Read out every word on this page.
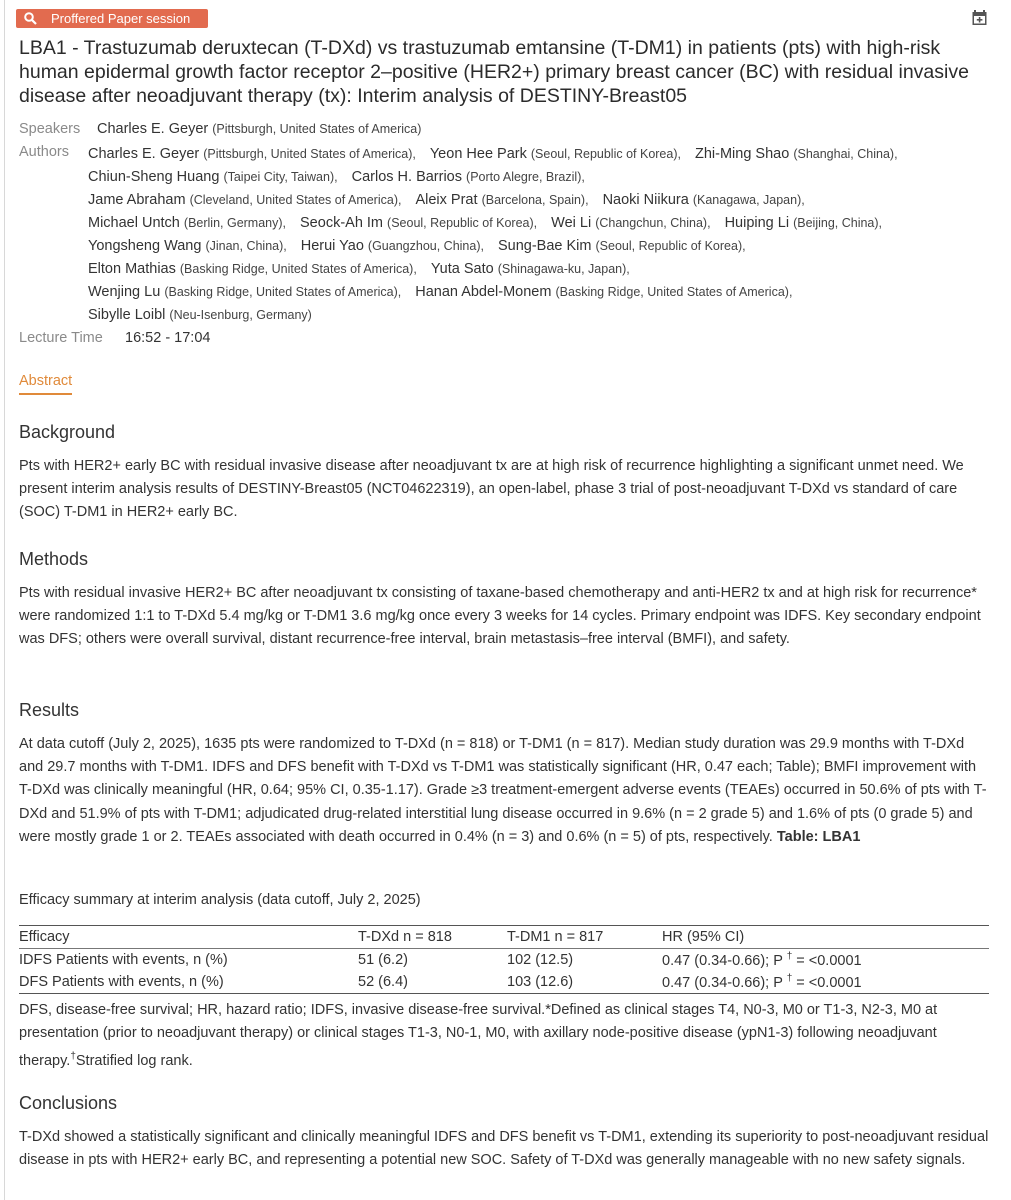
Proffered Paper session
LBA1 - Trastuzumab deruxtecan (T-DXd) vs trastuzumab emtansine (T-DM1) in patients (pts) with high-risk human epidermal growth factor receptor 2–positive (HER2+) primary breast cancer (BC) with residual invasive disease after neoadjuvant therapy (tx): Interim analysis of DESTINY-Breast05
Speakers Charles E. Geyer (Pittsburgh, United States of America)
Authors Charles E. Geyer (Pittsburgh, United States of America), Yeon Hee Park (Seoul, Republic of Korea), Zhi-Ming Shao (Shanghai, China),
Chiun-Sheng Huang (Taipei City, Taiwan), Carlos H. Barrios (Porto Alegre, Brazil),
Jame Abraham (Cleveland, United States of America), Aleix Prat (Barcelona, Spain), Naoki Niikura (Kanagawa, Japan),
Michael Untch (Berlin, Germany), Seock-Ah Im (Seoul, Republic of Korea), Wei Li (Changchun, China), Huiping Li (Beijing, China),
Yongsheng Wang (Jinan, China), Herui Yao (Guangzhou, China), Sung-Bae Kim (Seoul, Republic of Korea),
Elton Mathias (Basking Ridge, United States of America), Yuta Sato (Shinagawa-ku, Japan),
Wenjing Lu (Basking Ridge, United States of America), Hanan Abdel-Monem (Basking Ridge, United States of America),
Sibylle Loibl (Neu-Isenburg, Germany)
Lecture Time 16:52 - 17:04
Abstract
Background

Pts with HER2+ early BC with residual invasive disease after neoadjuvant tx are at high risk of recurrence highlighting a significant unmet need. We present interim analysis results of DESTINY-Breast05 (NCT04622319), an open-label, phase 3 trial of post-neoadjuvant T-DXd vs standard of care (SOC) T-DM1 in HER2+ early BC.

Methods

Pts with residual invasive HER2+ BC after neoadjuvant tx consisting of taxane-based chemotherapy and anti-HER2 tx and at high risk for recurrence* were randomized 1:1 to T-DXd 5.4 mg/kg or T-DM1 3.6 mg/kg once every 3 weeks for 14 cycles. Primary endpoint was IDFS. Key secondary endpoint was DFS; others were overall survival, distant recurrence-free interval, brain metastasis–free interval (BMFI), and safety.

Results

At data cutoff (July 2, 2025), 1635 pts were randomized to T-DXd (n = 818) or T-DM1 (n = 817). Median study duration was 29.9 months with T-DXd and 29.7 months with T-DM1. IDFS and DFS benefit with T-DXd vs T-DM1 was statistically significant (HR, 0.47 each; Table); BMFI improvement with T-DXd was clinically meaningful (HR, 0.64; 95% CI, 0.35-1.17). Grade ≥3 treatment-emergent adverse events (TEAEs) occurred in 50.6% of pts with T-DXd and 51.9% of pts with T-DM1; adjudicated drug-related interstitial lung disease occurred in 9.6% (n = 2 grade 5) and 1.6% of pts (0 grade 5) and were mostly grade 1 or 2. TEAEs associated with death occurred in 0.4% (n = 3) and 0.6% (n = 5) of pts, respectively. Table: LBA1

Efficacy summary at interim analysis (data cutoff, July 2, 2025)
Efficacy	T-DXd n = 818	T-DM1 n = 817	HR (95% CI)
IDFS Patients with events, n (%)	51 (6.2)	102 (12.5)	0.47 (0.34-0.66); P † = <0.0001
DFS Patients with events, n (%)	52 (6.4)	103 (12.6)	0.47 (0.34-0.66); P † = <0.0001
DFS, disease-free survival; HR, hazard ratio; IDFS, invasive disease-free survival.*Defined as clinical stages T4, N0-3, M0 or T1-3, N2-3, M0 at presentation (prior to neoadjuvant therapy) or clinical stages T1-3, N0-1, M0, with axillary node-positive disease (ypN1-3) following neoadjuvant therapy.†Stratified log rank.
Conclusions

T-DXd showed a statistically significant and clinically meaningful IDFS and DFS benefit vs T-DM1, extending its superiority to post-neoadjuvant residual disease in pts with HER2+ early BC, and representing a potential new SOC. Safety of T-DXd was generally manageable with no new safety signals.
